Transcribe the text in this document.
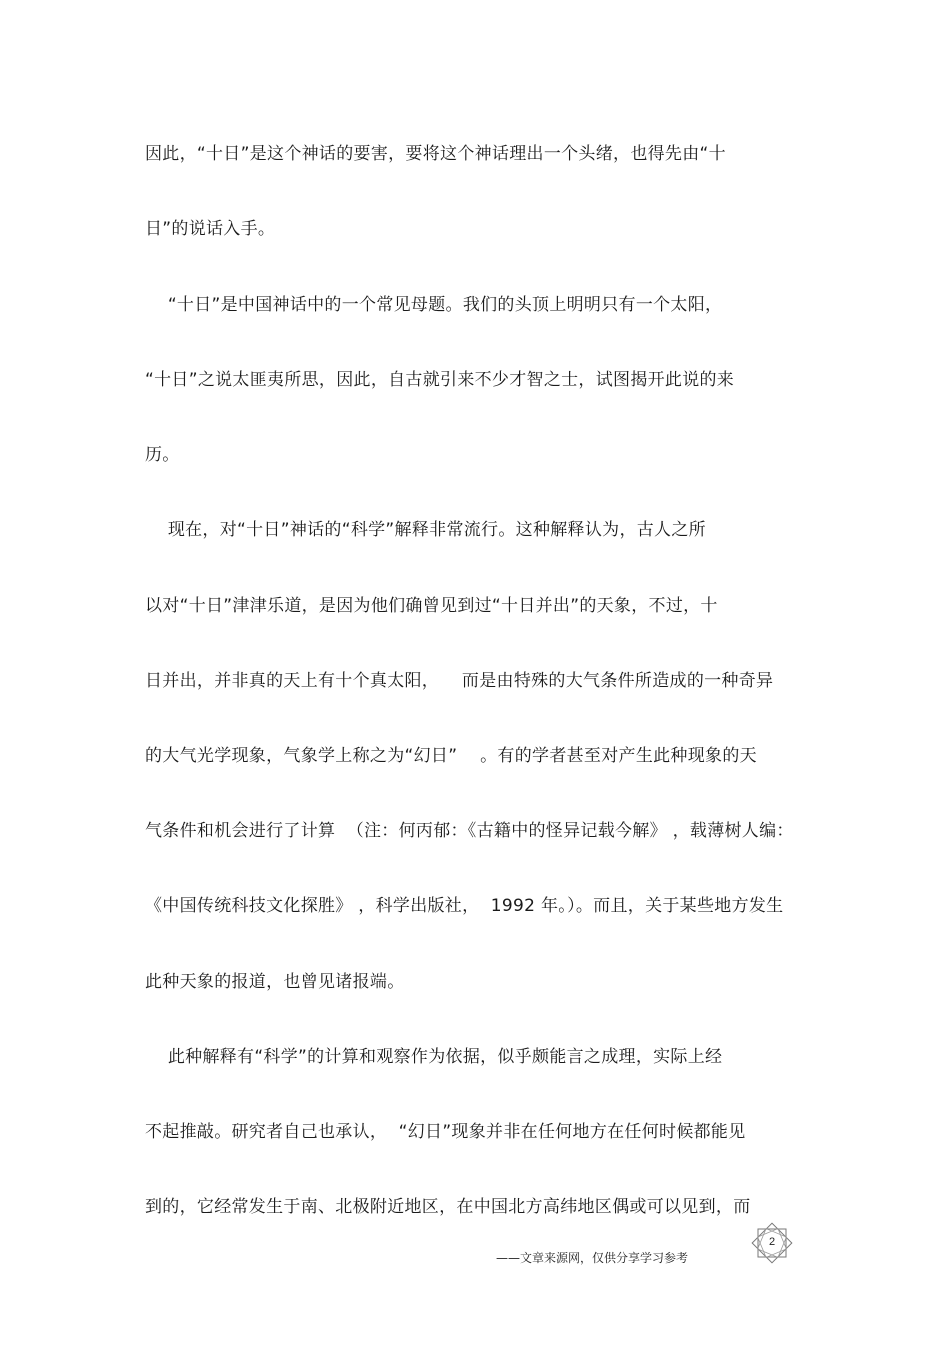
因此，“十日”是这个神话的要害，要将这个神话理出一个头绪，也得先由“十
日”的说话入手。
“十日”是中国神话中的一个常见母题。我们的头顶上明明只有一个太阳，
“十日”之说太匪夷所思，因此，自古就引来不少才智之士，试图揭开此说的来
历。
现在，对“十日”神话的“科学”解释非常流行。这种解释认为，古人之所
以对“十日”津津乐道，是因为他们确曾见到过“十日并出”的天象，不过，十
日并出，并非真的天上有十个真太阳，    而是由特殊的大气条件所造成的一种奇异
的大气光学现象，气象学上称之为“幻日”    。有的学者甚至对产生此种现象的天
气条件和机会进行了计算  （注：何丙郁：《古籍中的怪异记载今解》 ，载薄树人编：
《中国传统科技文化探胜》 ，科学出版社，  1992 年。）。而且，关于某些地方发生
此种天象的报道，也曾见诸报端。
此种解释有“科学”的计算和观察作为依据，似乎颇能言之成理，实际上经
不起推敲。研究者自己也承认，  “幻日”现象并非在任何地方在任何时候都能见
到的，它经常发生于南、北极附近地区，在中国北方高纬地区偶或可以见到，而
2
——文章来源网，仅供分享学习参考
